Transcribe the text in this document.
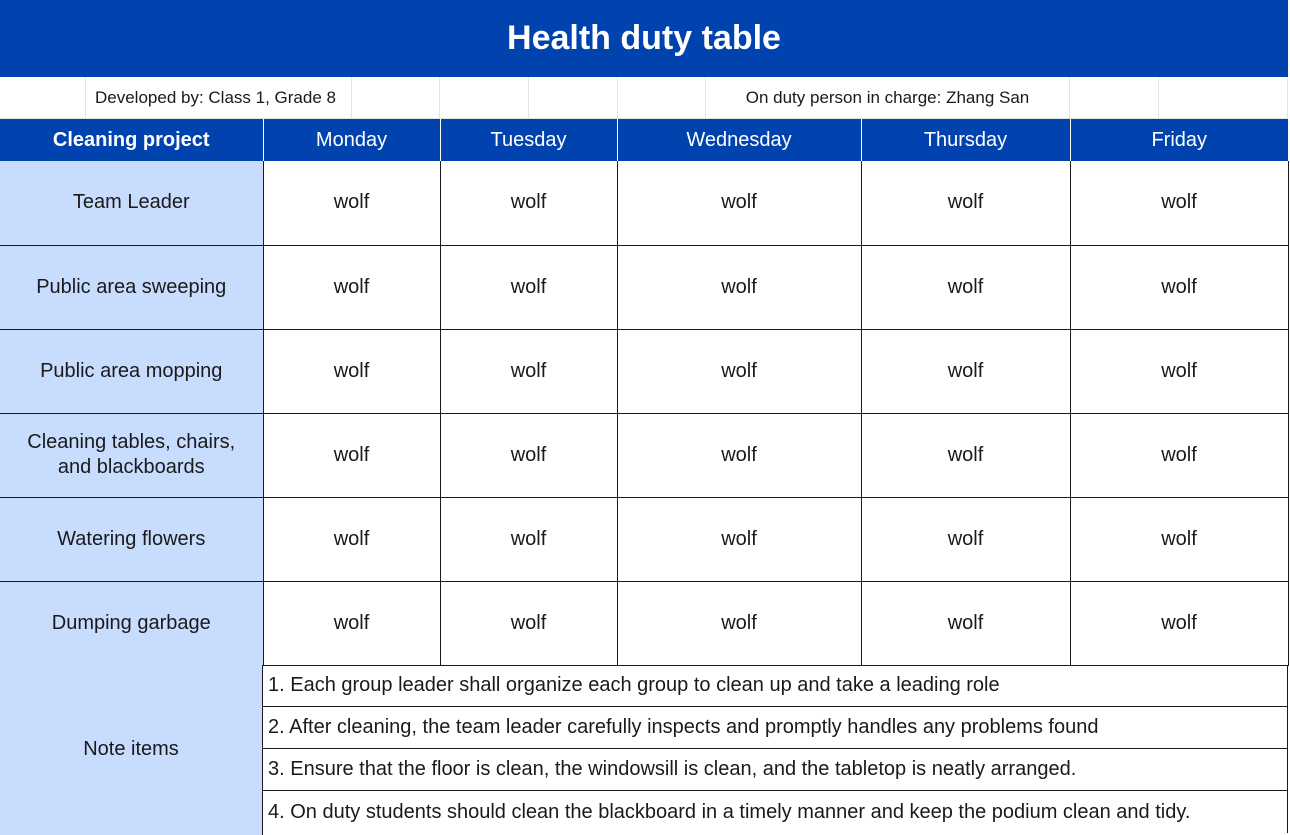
Health duty table
Developed by: Class 1, Grade 8	On duty person in charge: Zhang San
Cleaning project	Monday	Tuesday	Wednesday	Thursday	Friday
Team Leader	wolf	wolf	wolf	wolf	wolf
Public area sweeping	wolf	wolf	wolf	wolf	wolf
Public area mopping	wolf	wolf	wolf	wolf	wolf
Cleaning tables, chairs, and blackboards	wolf	wolf	wolf	wolf	wolf
Watering flowers	wolf	wolf	wolf	wolf	wolf
Dumping garbage	wolf	wolf	wolf	wolf	wolf
Note items
1. Each group leader shall organize each group to clean up and take a leading role
2. After cleaning, the team leader carefully inspects and promptly handles any problems found
3. Ensure that the floor is clean, the windowsill is clean, and the tabletop is neatly arranged.
4. On duty students should clean the blackboard in a timely manner and keep the podium clean and tidy.
